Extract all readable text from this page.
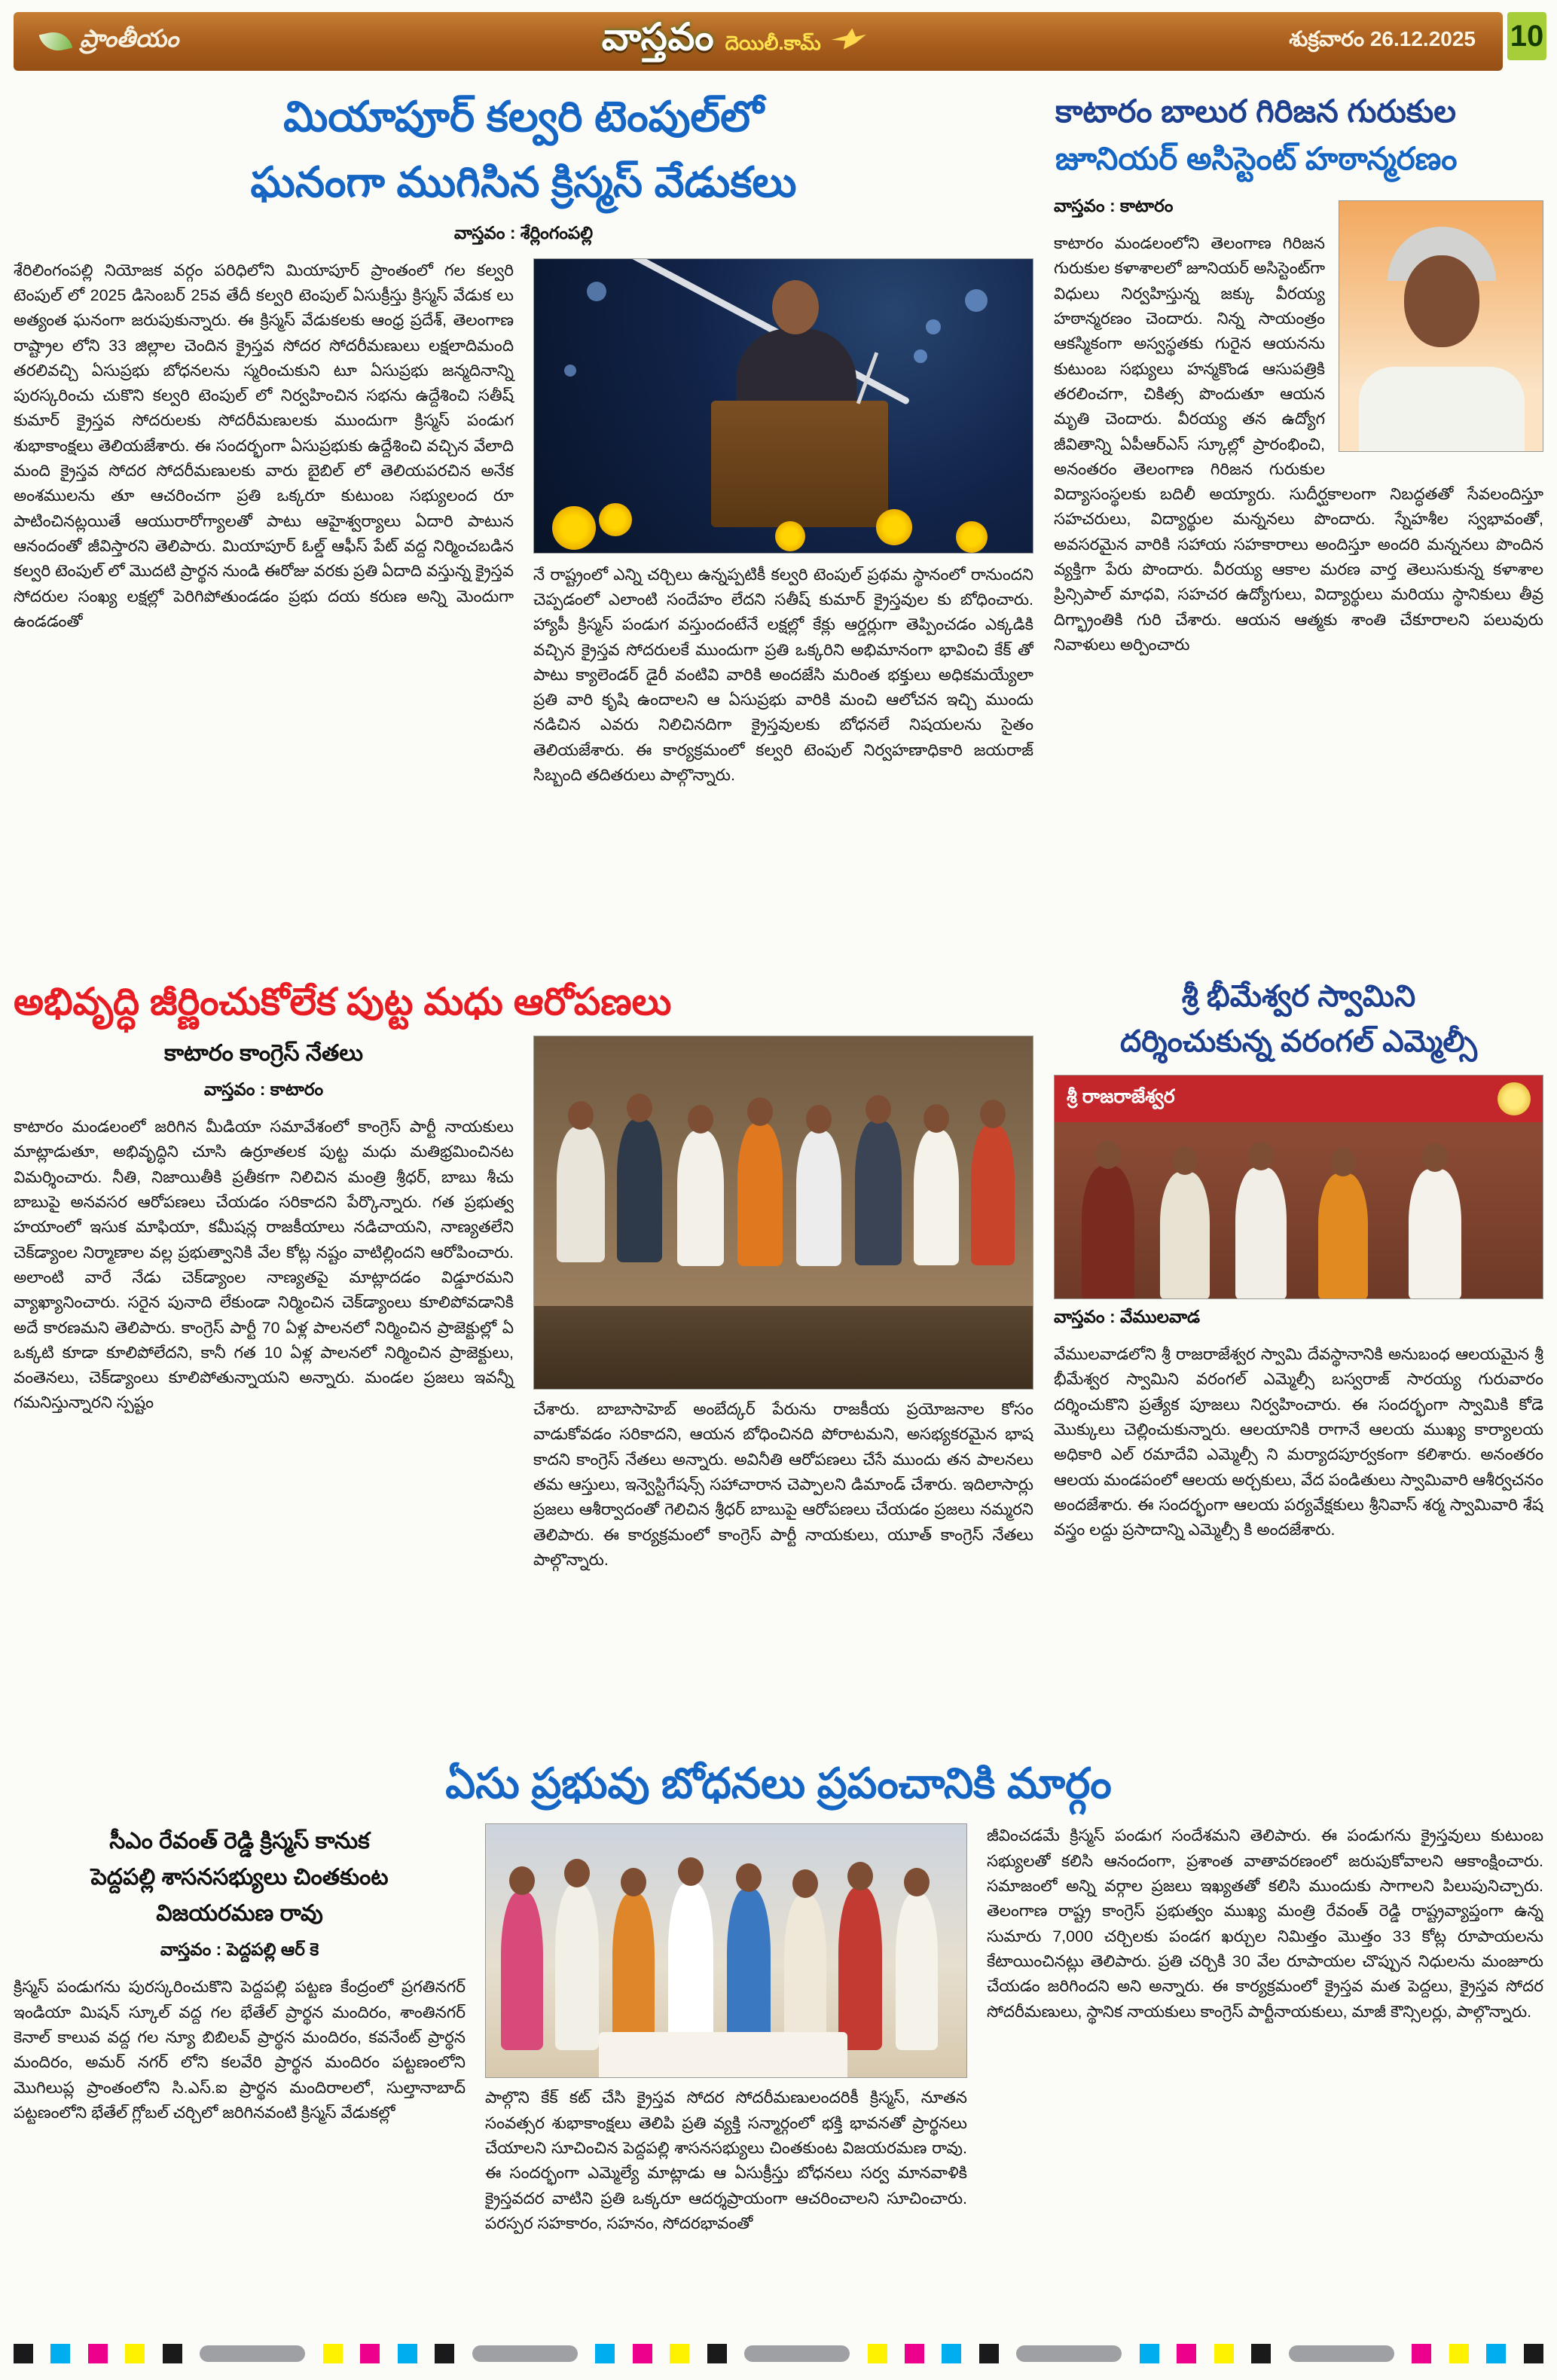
ప్రాంతీయం	వాస్తవం దెయిలీ.కామ్	శుక్రవారం 26.12.2025 10
మియాపూర్ కల్వరి టెంపుల్‌లో
ఘనంగా ముగిసిన క్రిస్మస్ వేడుకలు

వాస్తవం : శేర్లింగంపల్లి

శేరిలింగంపల్లి నియోజక వర్గం పరిధిలోని మియాపూర్ ప్రాంతంలో గల కల్వరి టెంపుల్ లో 2025 డిసెంబర్ 25వ తేదీ కల్వరి టెంపుల్ ఏసుక్రీస్తు క్రిస్మస్ వేడుక లు అత్యంత ఘనంగా జరుపుకున్నారు. ఈ క్రిస్మస్ వేడుకలకు ఆంధ్ర ప్రదేశ్, తెలంగాణ రాష్ట్రాల లోని 33 జిల్లాల చెందిన క్రైస్తవ సోదర సోదరీమణులు లక్షలాదిమంది తరలివచ్చి ఏసుప్రభు బోధనలను స్మరించుకుని టూ ఏసుప్రభు జన్మదినాన్ని పురస్కరించు చుకొని కల్వరి టెంపుల్ లో నిర్వహించిన సభను ఉద్దేశించి సతీష్ కుమార్ క్రైస్తవ సోదరులకు సోదరీమణులకు ముందుగా క్రిస్మస్ పండుగ శుభాకాంక్షలు తెలియజేశారు. ఈ సందర్భంగా ఏసుప్రభుకు ఉద్దేశించి వచ్చిన వేలాది మంది క్రైస్తవ సోదర సోదరీమణులకు వారు బైబిల్ లో తెలియపరచిన అనేక అంశములను తూ ఆచరించగా ప్రతి ఒక్కరూ కుటుంబ సభ్యులంద రూ పాటించినట్లయితే ఆయురారోగ్యాలతో పాటు ఆహైశ్వర్యాలు ఏదారి పాటున ఆనందంతో జీవిస్తారని తెలిపారు. మియాపూర్ ఓల్డ్ ఆఫీస్ పేట్ వద్ద నిర్మించబడిన కల్వరి టెంపుల్ లో మొదటి ప్రార్థన నుండి ఈరోజు వరకు ప్రతి ఏదాది వస్తున్న క్రైస్తవ సోదరుల సంఖ్య లక్షల్లో పెరిగిపోతుండడం ప్రభు దయ కరుణ అన్ని మెందుగా ఉండడంతో

నే రాష్ట్రంలో ఎన్ని చర్చిలు ఉన్నప్పటికీ కల్వరి టెంపుల్ ప్రథమ స్థానంలో రానుందని చెప్పడంలో ఎలాంటి సందేహం లేదని సతీష్ కుమార్ క్రైస్తవుల కు బోధించారు. హ్యాపీ క్రిస్మస్ పండుగ వస్తుందంటేనే లక్షల్లో కేక్లు ఆర్డర్లుగా తెప్పించడం ఎక్కడికి వచ్చిన క్రైస్తవ సోదరులకే ముందుగా ప్రతి ఒక్కరిని అభిమానంగా భావించి కేక్ తో పాటు క్యాలెండర్ డైరీ వంటివి వారికి అందజేసి మరింత భక్తులు అధికమయ్యేలా ప్రతి వారి కృషి ఉందాలని ఆ ఏసుప్రభు వారికి మంచి ఆలోచన ఇచ్చి ముందు నడిచిన ఎవరు నిలిచినదిగా క్రైస్తవులకు బోధనలే నిషయలను సైతం తెలియజేశారు. ఈ కార్యక్రమంలో కల్వరి టెంపుల్ నిర్వహణాధికారి జయరాజ్ సిబ్బంది తదితరులు పాల్గొన్నారు.

కాటారం బాలుర గిరిజన గురుకుల
జూనియర్ అసిస్టెంట్ హఠాన్మరణం

వాస్తవం : కాటారం

కాటారం మండలంలోని తెలంగాణ గిరిజన గురుకుల కళాశాలలో జూనియర్ అసిస్టెంట్‌గా విధులు నిర్వహిస్తున్న జక్కు వీరయ్య హఠాన్మరణం చెందారు. నిన్న సాయంత్రం ఆకస్మికంగా అస్వస్థతకు గురైన ఆయనను కుటుంబ సభ్యులు హన్మకొండ ఆసుపత్రికి తరలించగా, చికిత్స పొందుతూ ఆయన మృతి చెందారు. వీరయ్య తన ఉద్యోగ జీవితాన్ని ఏపీఆర్ఎస్ స్కూల్లో ప్రారంభించి, అనంతరం తెలంగాణ గిరిజన గురుకుల విద్యాసంస్థలకు బదిలీ అయ్యారు. సుదీర్ఘకాలంగా నిబద్ధతతో సేవలందిస్తూ సహచరులు, విద్యార్థుల మన్ననలు పొందారు. స్నేహశీల స్వభావంతో, అవసరమైన వారికి సహాయ సహకారాలు అందిస్తూ అందరి మన్ననలు పొందిన వ్యక్తిగా పేరు పొందారు. వీరయ్య ఆకాల మరణ వార్త తెలుసుకున్న కళాశాల ప్రిన్సిపాల్ మాధవి, సహచర ఉద్యోగులు, విద్యార్థులు మరియు స్థానికులు తీవ్ర దిగ్భ్రాంతికి గురి చేశారు. ఆయన ఆత్మకు శాంతి చేకూరాలని పలువురు నివాళులు అర్పించారు

అభివృద్ధి జీర్ణించుకోలేక పుట్ట మధు ఆరోపణలు

కాటారం కాంగ్రెస్ నేతలు

వాస్తవం : కాటారం

కాటారం మండలంలో జరిగిన మీడియా సమావేశంలో కాంగ్రెస్ పార్టీ నాయకులు మాట్లాడుతూ, అభివృద్ధిని చూసి ఉర్రూతలక పుట్ట మధు మతిభ్రమించినట విమర్శించారు. నీతి, నిజాయితీకి ప్రతీకగా నిలిచిన మంత్రి శ్రీధర్, బాబు శీచు బాబుపై అనవసర ఆరోపణలు చేయడం సరికాదని పేర్కొన్నారు. గత ప్రభుత్వ హయాంలో ఇసుక మాఫియా, కమీషన్ల రాజకీయాలు నడిచాయని, నాణ్యతలేని చెక్‌డ్యాంల నిర్మాణాల వల్ల ప్రభుత్వానికి వేల కోట్ల నష్టం వాటిల్లిందని ఆరోపించారు. అలాంటి వారే నేడు చెక్‌డ్యాంల నాణ్యతపై మాట్లాదడం విడ్డూరమని వ్యాఖ్యానించారు. సరైన పునాది లేకుండా నిర్మించిన చెక్‌డ్యాంలు కూలిపోవడానికి అదే కారణమని తెలిపారు. కాంగ్రెస్ పార్టీ 70 ఏళ్ల పాలనలో నిర్మించిన ప్రాజెక్టుల్లో ఏ ఒక్కటి కూడా కూలిపోలేదని, కానీ గత 10 ఏళ్ల పాలనలో నిర్మించిన ప్రాజెక్టులు, వంతెనలు, చెక్‌డ్యాంలు కూలిపోతున్నాయని అన్నారు. మండల ప్రజలు ఇవన్నీ గమనిస్తున్నారని స్పష్టం	చేశారు. బాబాసాహెబ్ అంబేద్కర్ పేరును రాజకీయ ప్రయోజనాల కోసం వాడుకోవడం సరికాదని, ఆయన బోధించినది పోరాటమని, అసభ్యకరమైన భాష కాదని కాంగ్రెస్ నేతలు అన్నారు. అవినీతి ఆరోపణలు చేసే ముందు తన పాలనలు తమ ఆస్తులు, ఇన్వెస్టిగేషన్స్ సహాచారాన చెప్పాలని డిమాండ్ చేశారు. ఇదిలాసార్లు ప్రజలు ఆశీర్వాదంతో గెలిచిన శ్రీధర్ బాబుపై ఆరోపణలు చేయడం ప్రజలు నమ్మరని తెలిపారు. ఈ కార్యక్రమంలో కాంగ్రెస్ పార్టీ నాయకులు, యూత్ కాంగ్రెస్ నేతలు పాల్గొన్నారు.

శ్రీ భీమేశ్వర స్వామిని
దర్శించుకున్న వరంగల్ ఎమ్మెల్సీ
శ్రీ రాజరాజేశ్వర

వాస్తవం : వేములవాడ

వేములవాడలోని శ్రీ రాజరాజేశ్వర స్వామి దేవస్థానానికి అనుబంధ ఆలయమైన శ్రీ భీమేశ్వర స్వామిని వరంగల్ ఎమ్మెల్సీ బస్వరాజ్ సారయ్య గురువారం దర్శించుకొని ప్రత్యేక పూజలు నిర్వహించారు. ఈ సందర్భంగా స్వామికి కోడె మొక్కులు చెల్లించుకున్నారు. ఆలయానికి రాగానే ఆలయ ముఖ్య కార్యాలయ అధికారి ఎల్ రమాదేవి ఎమ్మెల్సీ ని మర్యాదపూర్వకంగా కలిశారు. అనంతరం ఆలయ మండపంలో ఆలయ అర్చకులు, వేద పండితులు స్వామివారి ఆశీర్వచనం అందజేశారు. ఈ సందర్భంగా ఆలయ పర్యవేక్షకులు శ్రీనివాస్ శర్మ స్వామివారి శేష వస్త్రం లద్దు ప్రసాదాన్ని ఎమ్మెల్సీ కి అందజేశారు.

ఏసు ప్రభువు బోధనలు ప్రపంచానికి మార్గం

సీఎం రేవంత్ రెడ్డి క్రిస్మస్ కానుక

పెద్దపల్లి శాసనసభ్యులు చింతకుంట

విజయరమణ రావు

వాస్తవం : పెద్దపల్లి ఆర్ కె

క్రిస్మస్ పండుగను పురస్కరించుకొని పెద్దపల్లి పట్టణ కేంద్రంలో ప్రగతినగర్ ఇండియా మిషన్ స్కూల్ వద్ద గల భేతేల్ ప్రార్థన మందిరం, శాంతినగర్ కెనాల్ కాలువ వద్ద గల న్యూ బిబిలవ్ ప్రార్థన మందిరం, కవనేంట్ ప్రార్థన మందిరం, అమర్ నగర్ లోని కలవేరి ప్రార్థన మందిరం పట్టణంలోని మొగిలుప్ల ప్రాంతంలోని సి.ఎస్.ఐ ప్రార్థన మందిరాలలో, సుల్తానాబాద్ పట్టణంలోని భేతేల్ గ్లోబల్ చర్చిలో జరిగినవంటి క్రిస్మస్ వేడుకల్లో

పాల్గొని కేక్ కట్ చేసి క్రైస్తవ సోదర సోదరీమణులందరికీ క్రిస్మస్, నూతన సంవత్సర శుభాకాంక్షలు తెలిపి ప్రతి వ్యక్తి సన్మార్గంలో భక్తి భావనతో ప్రార్థనలు చేయాలని సూచించిన పెద్దపల్లి శాసనసభ్యులు చింతకుంట విజయరమణ రావు. ఈ సందర్భంగా ఎమ్మెల్యే మాట్లాడు ఆ ఏసుక్రీస్తు బోధనలు సర్వ మానవాళికి క్రైస్తవదర వాటిని ప్రతి ఒక్కరూ ఆదర్శప్రాయంగా ఆచరించాలని సూచించారు. పరస్పర సహకారం, సహనం, సోదరభావంతో

జీవించడమే క్రిస్మస్ పండుగ సందేశమని తెలిపారు. ఈ పండుగను క్రైస్తవులు కుటుంబ సభ్యులతో కలిసి ఆనందంగా, ప్రశాంత వాతావరణంలో జరుపుకోవాలని ఆకాంక్షించారు. సమాజంలో అన్ని వర్గాల ప్రజలు ఇఖ్యతతో కలిసి ముందుకు సాగాలని పిలుపునిచ్చారు. తెలంగాణ రాష్ట్ర కాంగ్రెస్ ప్రభుత్వం ముఖ్య మంత్రి రేవంత్ రెడ్డి రాష్ట్రవ్యాప్తంగా ఉన్న సుమారు 7,000 చర్చిలకు పండగ ఖర్చుల నిమిత్తం మొత్తం 33 కోట్ల రూపాయలను కేటాయించినట్లు తెలిపారు. ప్రతి చర్చికి 30 వేల రూపాయల చొప్పున నిధులను మంజూరు చేయడం జరిగిందని అని అన్నారు. ఈ కార్యక్రమంలో క్రైస్తవ మత పెద్దలు, క్రైస్తవ సోదర సోదరీమణులు, స్థానిక నాయకులు కాంగ్రెస్ పార్టీనాయకులు, మాజీ కౌన్సిలర్లు, పాల్గొన్నారు.
